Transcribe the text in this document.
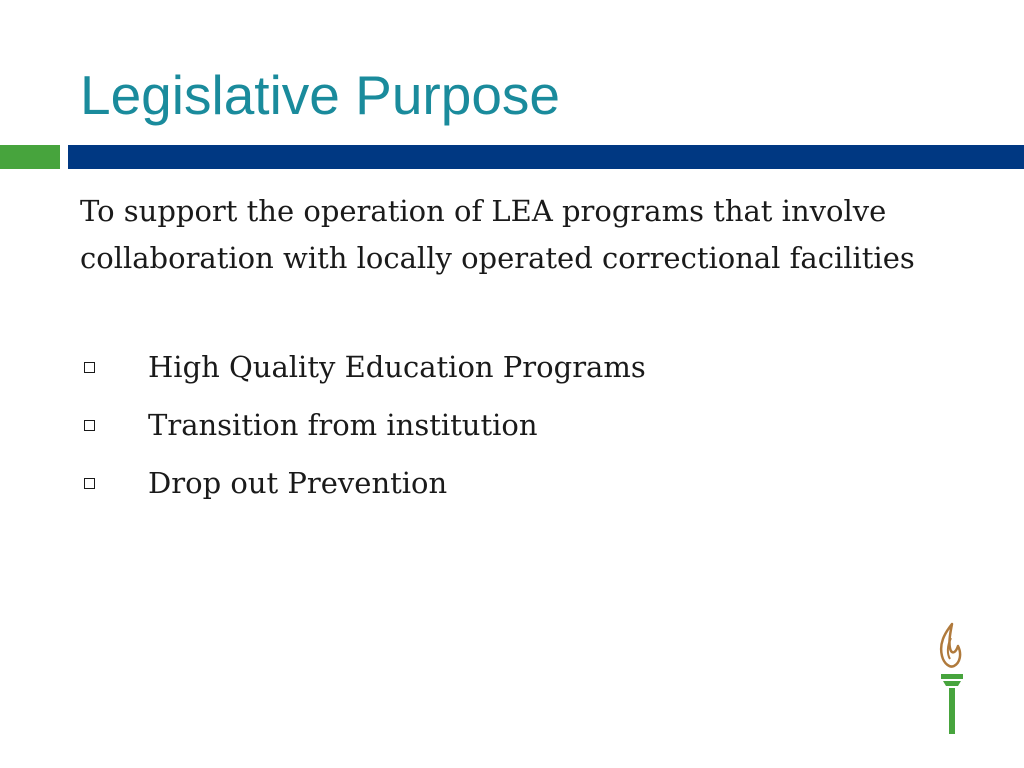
Legislative Purpose

To support the operation of LEA programs that involve collaboration with locally operated correctional facilities

High Quality Education Programs
Transition from institution
Drop out Prevention
